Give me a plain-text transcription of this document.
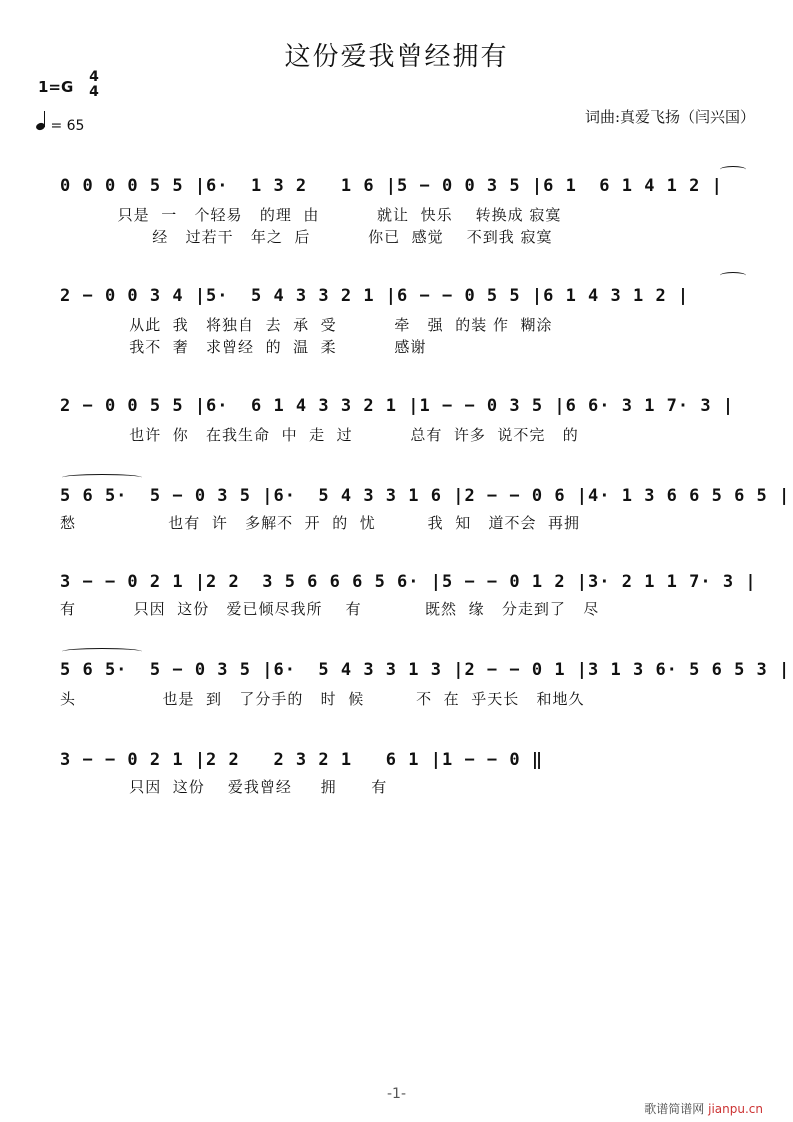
这份爱我曾经拥有
1=G
4
4
= 65	词曲:真爱飞扬（闫兴国）
0 0 0 0 5 5 |6·  1 3 2   1 6 |5 − 0 0 3 5 |6 1  6 1 4 1 2 |
只是  一   个轻易   的理  由          就让  快乐    转换成 寂寞
经   过若干   年之  后          你已  感觉    不到我 寂寞
2 − 0 0 3 4 |5·  5 4 3 3 2 1 |6 − − 0 5 5 |6 1 4 3 1 2 |
从此  我   将独自  去  承  受          牵   强  的装 作  糊涂
我不  奢   求曾经  的  温  柔          感谢
2 − 0 0 5 5 |6·  6 1 4 3 3 2 1 |1 − − 0 3 5 |6 6· 3 1 7· 3 |
也许  你   在我生命  中  走  过          总有  许多  说不完   的
5 6 5·  5 − 0 3 5 |6·  5 4 3 3 1 6 |2 − − 0 6 |4· 1 3 6 6 5 6 5 |
愁                也有  许   多解不  开  的  忧         我  知   道不会  再拥
3 − − 0 2 1 |2 2  3 5 6 6 6 5 6· |5 − − 0 1 2 |3· 2 1 1 7· 3 |
有          只因  这份   爱已倾尽我所    有           既然  缘   分走到了   尽
5 6 5·  5 − 0 3 5 |6·  5 4 3 3 1 3 |2 − − 0 1 |3 1 3 6· 5 6 5 3 |
头               也是  到   了分手的   时  候         不  在  乎天长   和地久
3 − − 0 2 1 |2 2   2 3 2 1   6 1 |1 − − 0 ‖
只因  这份    爱我曾经     拥      有
-1-
歌谱简谱网 jianpu.cn
